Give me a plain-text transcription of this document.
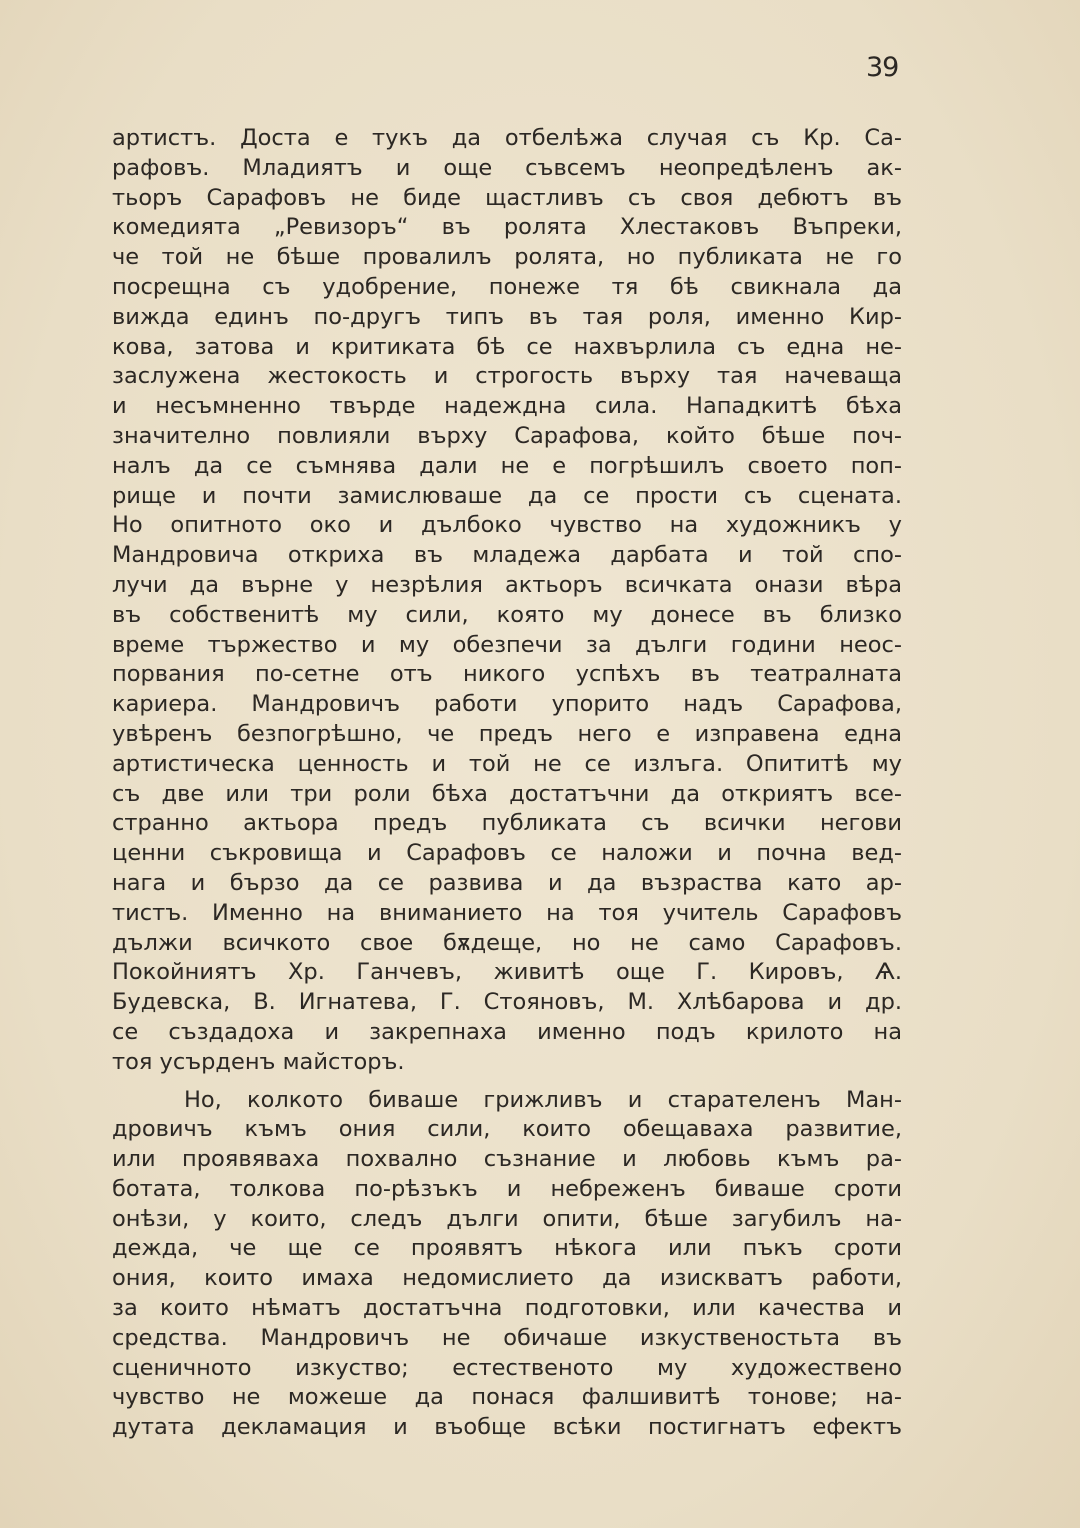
39
артистъ. Доста е тукъ да отбелѣжа случая съ Кр. Са-
рафовъ. Младиятъ и още съвсемъ неопредѣленъ ак-
тьоръ Сарафовъ не биде щастливъ съ своя дебютъ въ
комедията „Ревизоръ“ въ ролята Хлестаковъ Въпреки,
че той не бѣше провалилъ ролята, но публиката не го
посрещна съ удобрение, понеже тя бѣ свикнала да
вижда единъ по-другъ типъ въ тая роля, именно Кир-
кова, затова и критиката бѣ се нахвърлила съ една не-
заслужена жестокость и строгость върху тая начеваща
и несъмненно твърде надеждна сила. Нападкитѣ бѣха
значително повлияли върху Сарафова, който бѣше поч-
налъ да се съмнява дали не е погрѣшилъ своето поп-
рище и почти замислюваше да се прости съ сцената.
Но опитното око и дълбоко чувство на художникъ у
Мандровича откриха въ младежа дарбата и той спо-
лучи да върне у незрѣлия актьоръ всичката онази вѣра
въ собственитѣ му сили, която му донесе въ близко
време тържество и му обезпечи за дълги години неос-
порвания по-сетне отъ никого успѣхъ въ театралната
кариера. Мандровичъ работи упорито надъ Сарафова,
увѣренъ безпогрѣшно, че предъ него е изправена една
артистическа ценность и той не се излъга. Опититѣ му
съ две или три роли бѣха достатъчни да откриятъ все-
странно актьора предъ публиката съ всички негови
ценни съкровища и Сарафовъ се наложи и почна вед-
нага и бързо да се развива и да възраства като ар-
тистъ. Именно на вниманието на тоя учитель Сарафовъ
дължи всичкото свое бѫдеще, но не само Сарафовъ.
Покойниятъ Хр. Ганчевъ, живитѣ още Г. Кировъ, Ѧ.
Будевска, В. Игнатева, Г. Стояновъ, М. Хлѣбарова и др.
се създадоха и закрепнаха именно подъ крилото на
тоя усърденъ майсторъ.
Но, колкото биваше грижливъ и старателенъ Ман-
дровичъ къмъ ония сили, които обещаваха развитие,
или проявяваха похвално съзнание и любовь къмъ ра-
ботата, толкова по-рѣзъкъ и небреженъ биваше сроти
онѣзи, у които, следъ дълги опити, бѣше загубилъ на-
дежда, че ще се проявятъ нѣкога или пъкъ сроти
ония, които имаха недомислието да изискватъ работи,
за които нѣматъ достатъчна подготовки, или качества и
средства. Мандровичъ не обичаше изкуственостьта въ
сценичното изкуство; естественото му художествено
чувство не можеше да понася фалшивитѣ тонове; на-
дутата декламация и въобще всѣки постигнатъ ефектъ
